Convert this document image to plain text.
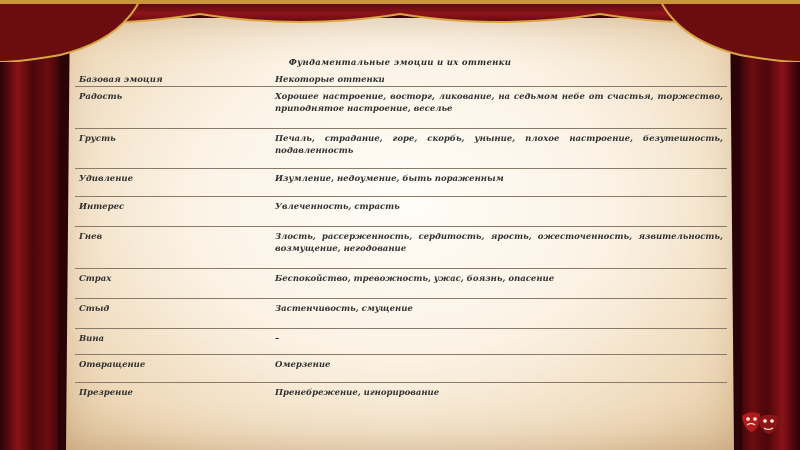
Фундаментальные эмоции и их оттенки
Базовая эмоция	Некоторые оттенки
Радость	Хорошее настроение, восторг, ликование, на седьмом небе от счастья, торжество, приподнятое настроение, веселье
Грусть	Печаль, страдание, горе, скорбь, уныние, плохое настроение, безутешность, подавленность
Удивление	Изумление, недоумение, быть пораженным
Интерес	Увлеченность, страсть
Гнев	Злость, рассерженность, сердитость, ярость, ожесточенность, язвительность, возмущение, негодование
Страх	Беспокойство, тревожность, ужас, боязнь, опасение
Стыд	Застенчивость, смущение
Вина	–
Отвращение	Омерзение
Презрение	Пренебрежение, игнорирование
